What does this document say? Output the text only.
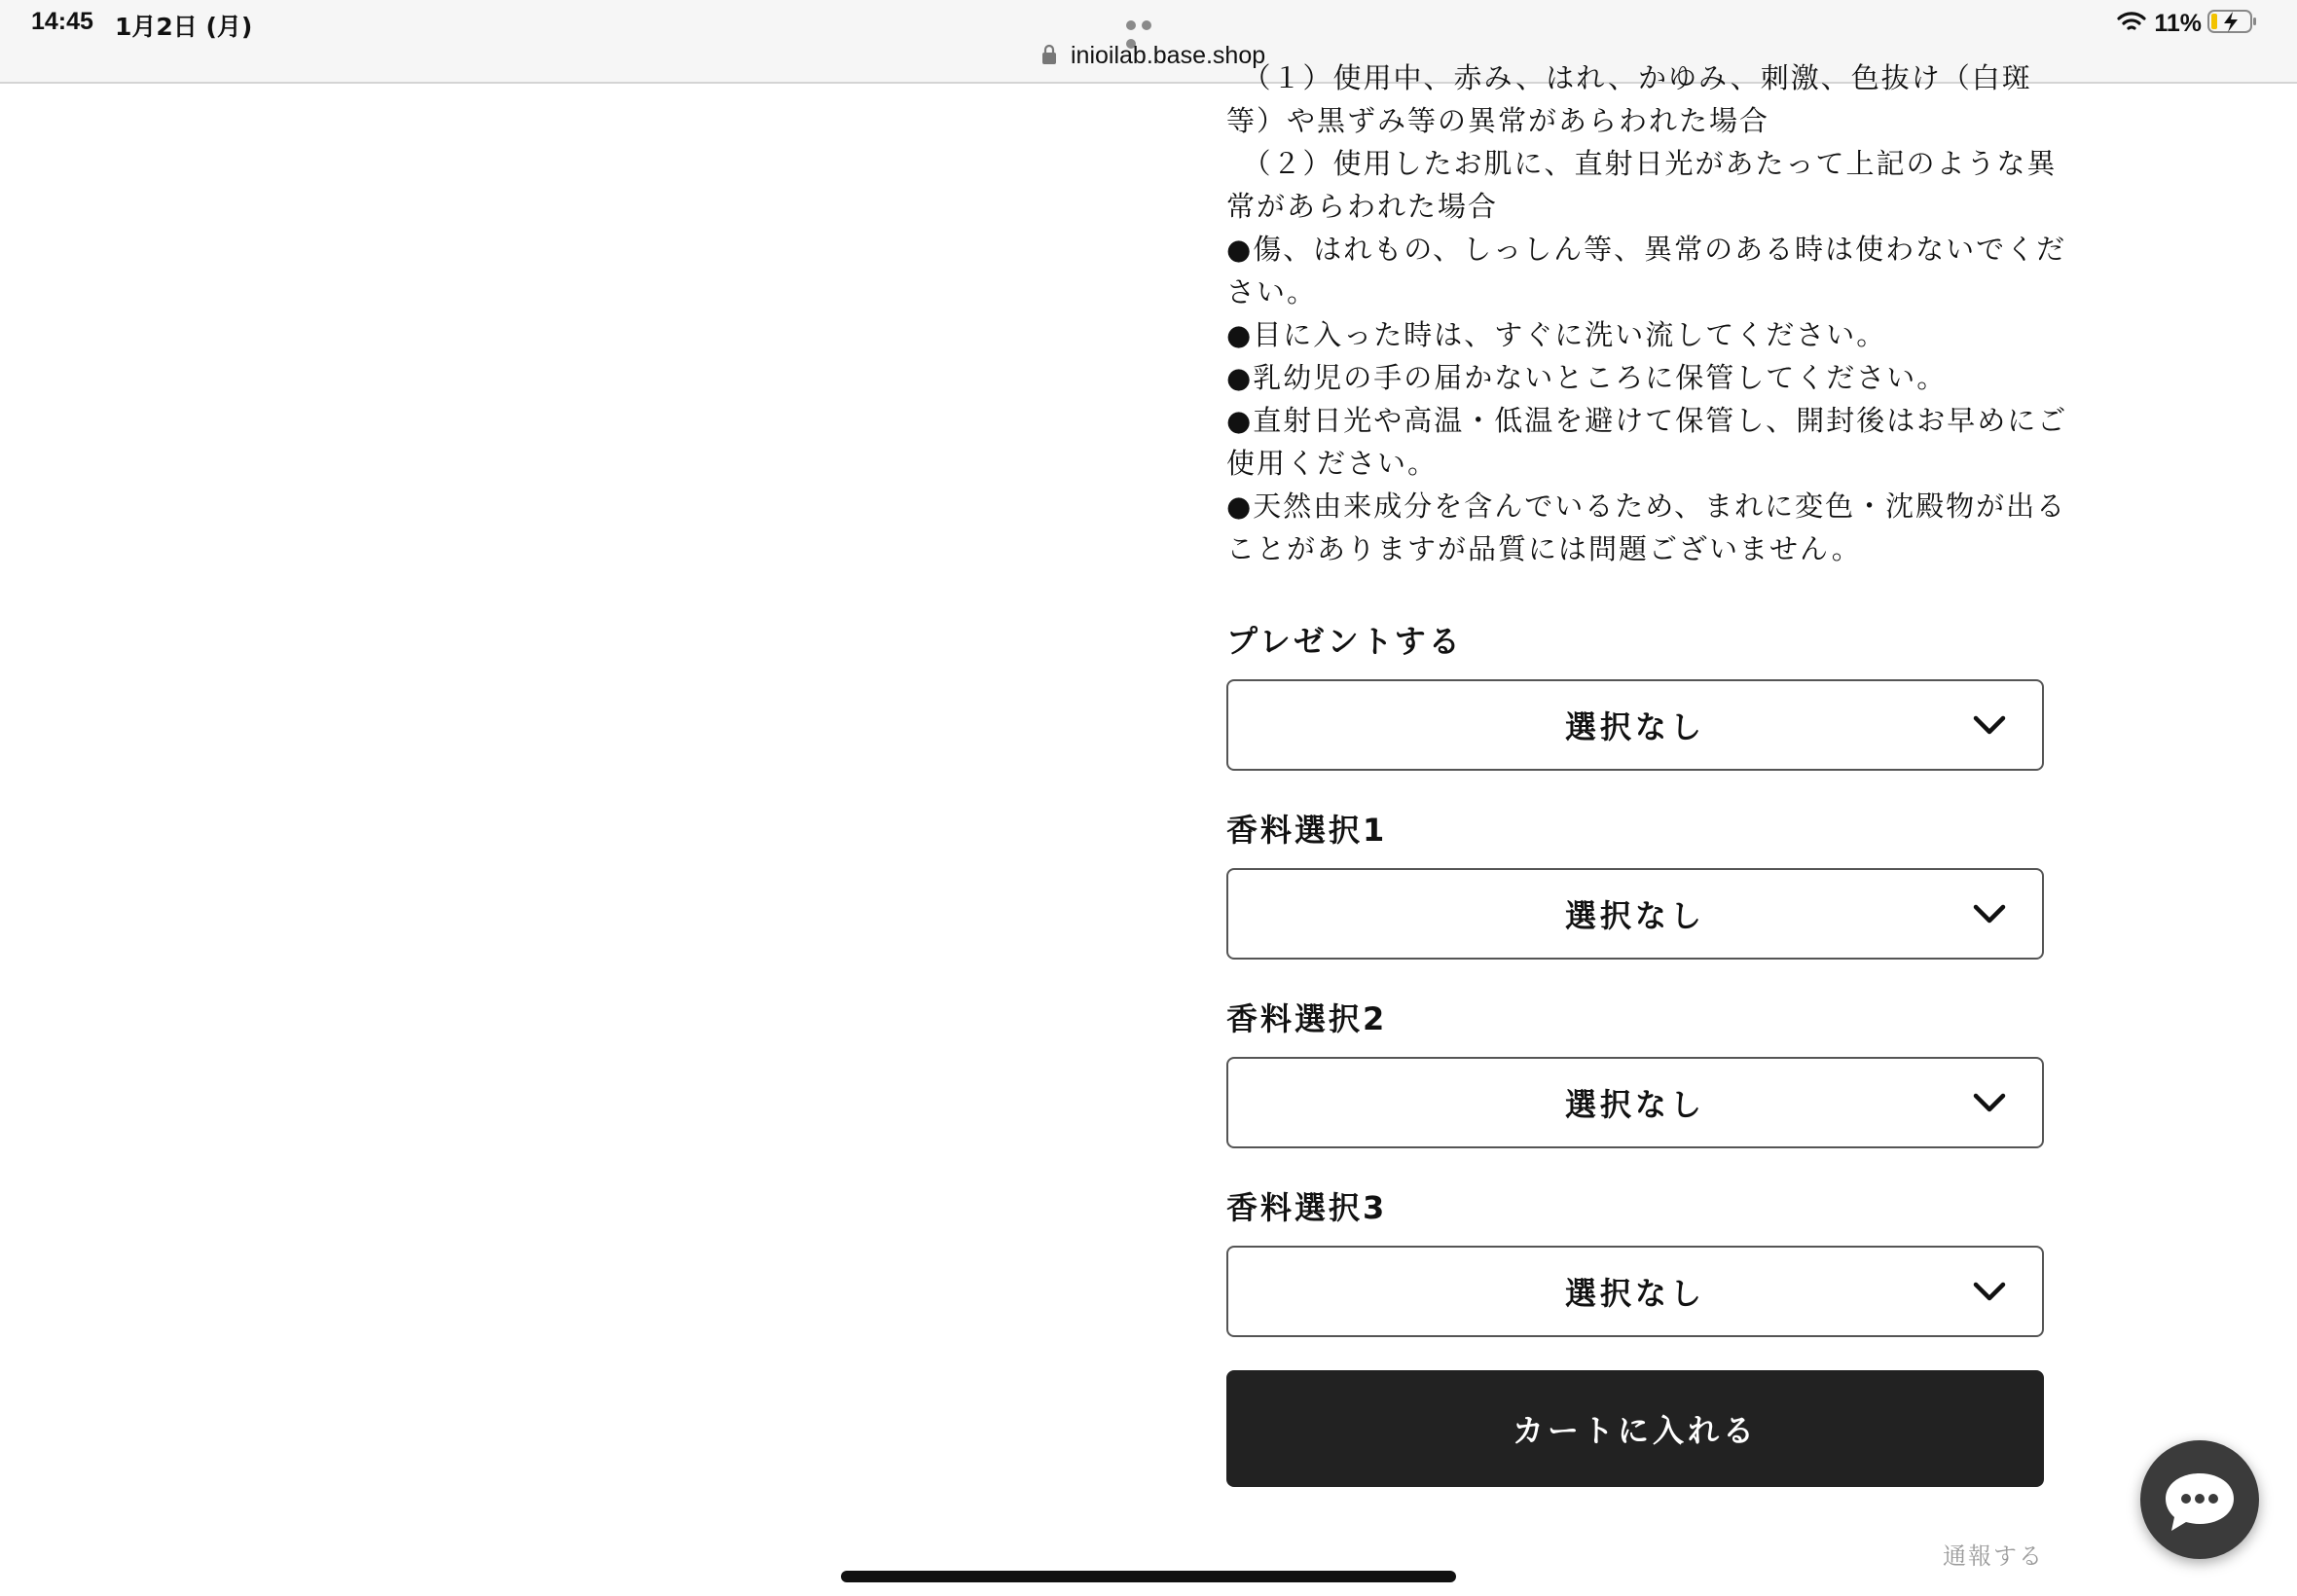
14:45 1月2日 (月)
inioilab.base.shop
11%

　（１）使用中、赤み、はれ、かゆみ、刺激、色抜け（白斑

等）や黒ずみ等の異常があらわれた場合

　（２）使用したお肌に、直射日光があたって上記のような異

常があらわれた場合

●傷、はれもの、しっしん等、異常のある時は使わないでくだ

さい。

●目に入った時は、すぐに洗い流してください。

●乳幼児の手の届かないところに保管してください。

●直射日光や高温・低温を避けて保管し、開封後はお早めにご

使用ください。

●天然由来成分を含んでいるため、まれに変色・沈殿物が出る

ことがありますが品質には問題ございません。

プレゼントする
選択なし
香料選択1
選択なし
香料選択2
選択なし
香料選択3
選択なし
カートに入れる
通報する
